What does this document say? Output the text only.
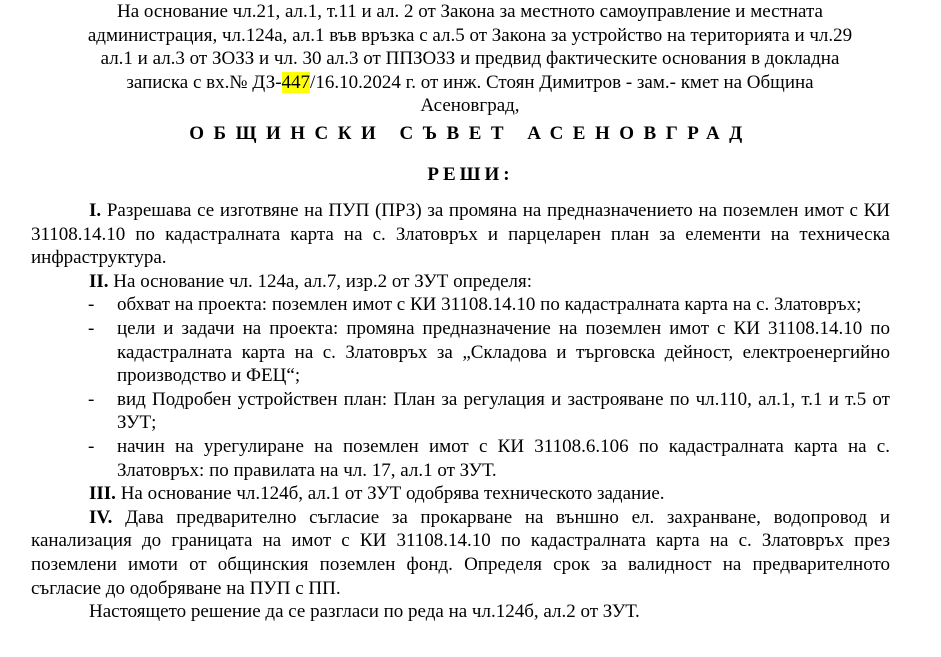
На основание чл.21, ал.1, т.11 и ал. 2 от Закона за местното самоуправление и местната
администрация, чл.124а, ал.1 във връзка с ал.5 от Закона за устройство на територията и чл.29
ал.1 и ал.3 от ЗОЗЗ и чл. 30 ал.3 от ППЗОЗЗ и предвид фактическите основания в докладна
записка с вх.№ ДЗ-447/16.10.2024 г. от инж. Стоян Димитров - зам.- кмет на Община
Асеновград,
ОБЩИНСКИ СЪВЕТ АСЕНОВГРАД
РЕШИ:
I. Разрешава се изготвяне на ПУП (ПРЗ) за промяна на предназначението на поземлен имот с КИ 31108.14.10 по кадастралната карта на с. Златовръх и парцеларен план за елементи на техническа инфраструктура.
II. На основание чл. 124а, ал.7, изр.2 от ЗУТ определя:
- обхват на проекта: поземлен имот с КИ 31108.14.10 по кадастралната карта на с. Златовръх;
- цели и задачи на проекта: промяна предназначение на поземлен имот с КИ 31108.14.10 по кадастралната карта на с. Златовръх за „Складова и търговска дейност, електроенергийно производство и ФЕЦ“;
- вид Подробен устройствен план: План за регулация и застрояване по чл.110, ал.1, т.1 и т.5 от ЗУТ;
- начин на урегулиране на поземлен имот с КИ 31108.6.106 по кадастралната карта на с. Златовръх: по правилата на чл. 17, ал.1 от ЗУТ.
III. На основание чл.124б, ал.1 от ЗУТ одобрява техническото задание.
IV. Дава предварително съгласие за прокарване на външно ел. захранване, водопровод и канализация до границата на имот с КИ 31108.14.10 по кадастралната карта на с. Златовръх през поземлени имоти от общинския поземлен фонд. Определя срок за валидност на предварителното съгласие до одобряване на ПУП с ПП.
Настоящето решение да се разгласи по реда на чл.124б, ал.2 от ЗУТ.
